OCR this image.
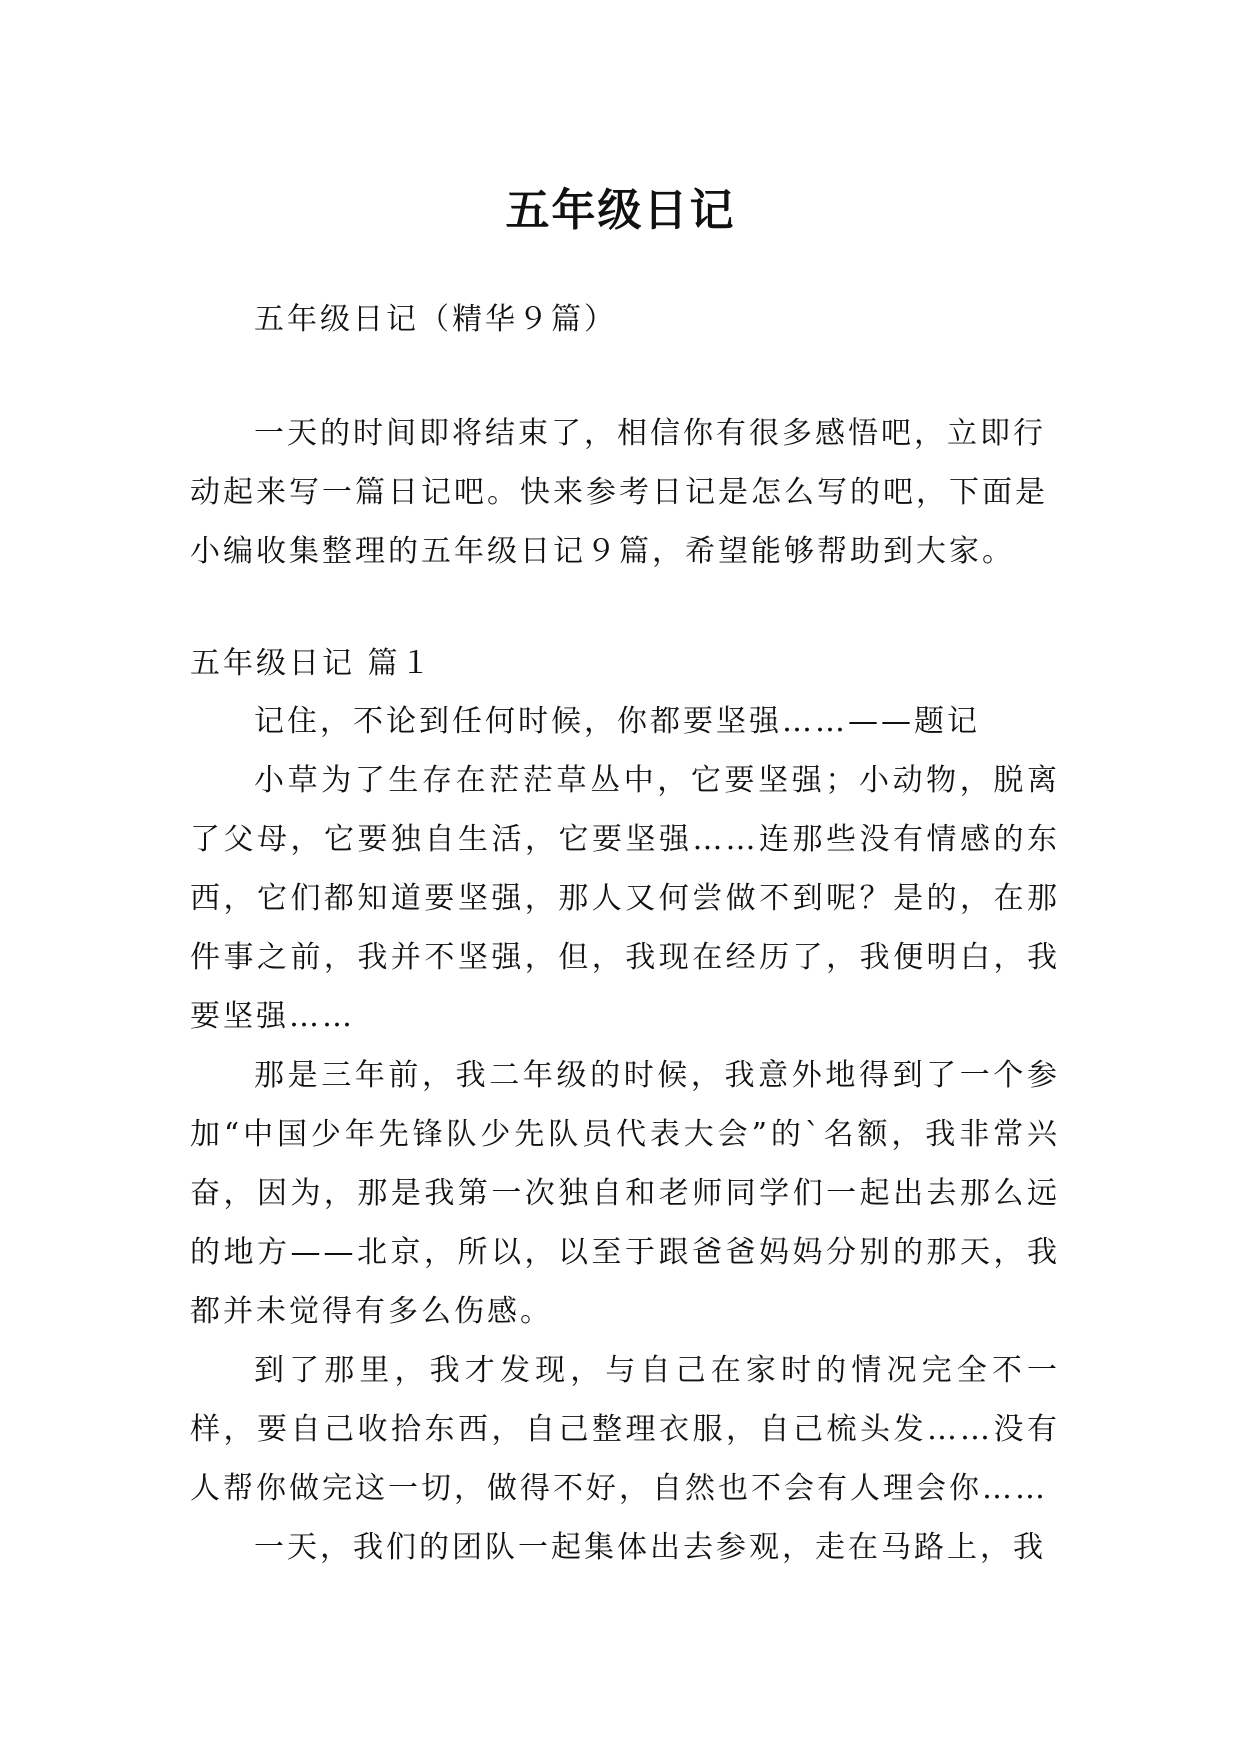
五年级日记

五年级日记（精华９篇）

一天的时间即将结束了，相信你有很多感悟吧，立即行动起来写一篇日记吧。快来参考日记是怎么写的吧，下面是小编收集整理的五年级日记９篇，希望能够帮助到大家。

五年级日记 篇１

记住，不论到任何时候，你都要坚强……——题记

小草为了生存在茫茫草丛中，它要坚强；小动物，脱离了父母，它要独自生活，它要坚强……连那些没有情感的东西，它们都知道要坚强，那人又何尝做不到呢？是的，在那件事之前，我并不坚强，但，我现在经历了，我便明白，我要坚强……

那是三年前，我二年级的时候，我意外地得到了一个参加“中国少年先锋队少先队员代表大会”的`名额，我非常兴奋，因为，那是我第一次独自和老师同学们一起出去那么远的地方——北京，所以，以至于跟爸爸妈妈分别的那天，我都并未觉得有多么伤感。

到了那里，我才发现，与自己在家时的情况完全不一样，要自己收拾东西，自己整理衣服，自己梳头发……没有人帮你做完这一切，做得不好，自然也不会有人理会你……

一天，我们的团队一起集体出去参观，走在马路上，我
